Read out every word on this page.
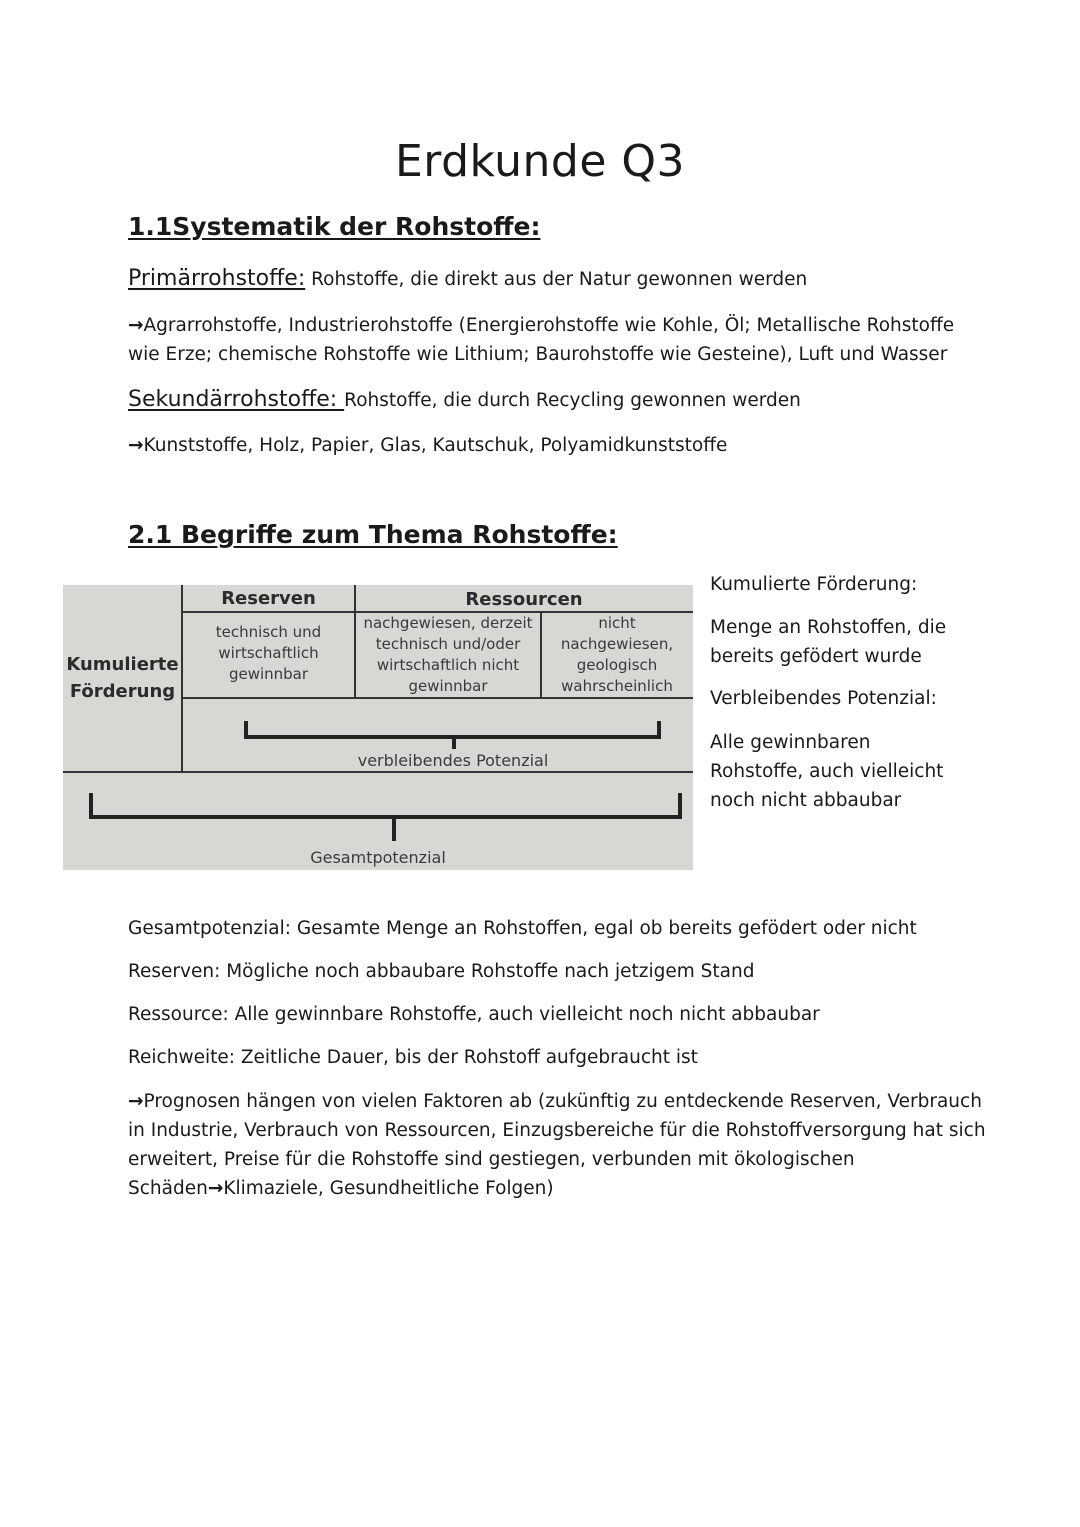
Erdkunde Q3
1.1Systematik der Rohstoffe:
Primärrohstoffe: Rohstoffe, die direkt aus der Natur gewonnen werden
→Agrarrohstoffe, Industrierohstoffe (Energierohstoffe wie Kohle, Öl; Metallische Rohstoffe
wie Erze; chemische Rohstoffe wie Lithium; Baurohstoffe wie Gesteine), Luft und Wasser
Sekundärrohstoffe: Rohstoffe, die durch Recycling gewonnen werden
→Kunststoffe, Holz, Papier, Glas, Kautschuk, Polyamidkunststoffe
2.1 Begriffe zum Thema Rohstoffe:
Kumulierte
Förderung
Reserven	Ressourcen
technisch und
wirtschaftlich
gewinnbar
nachgewiesen, derzeit
technisch und/oder
wirtschaftlich nicht
gewinnbar
nicht
nachgewiesen,
geologisch
wahrscheinlich
verbleibendes Potenzial
Gesamtpotenzial
Kumulierte Förderung:
Menge an Rohstoffen, die
bereits gefödert wurde
Verbleibendes Potenzial:
Alle gewinnbaren
Rohstoffe, auch vielleicht
noch nicht abbaubar
Gesamtpotenzial: Gesamte Menge an Rohstoffen, egal ob bereits gefödert oder nicht
Reserven: Mögliche noch abbaubare Rohstoffe nach jetzigem Stand
Ressource: Alle gewinnbare Rohstoffe, auch vielleicht noch nicht abbaubar
Reichweite: Zeitliche Dauer, bis der Rohstoff aufgebraucht ist
→Prognosen hängen von vielen Faktoren ab (zukünftig zu entdeckende Reserven, Verbrauch
in Industrie, Verbrauch von Ressourcen, Einzugsbereiche für die Rohstoffversorgung hat sich
erweitert, Preise für die Rohstoffe sind gestiegen, verbunden mit ökologischen
Schäden→Klimaziele, Gesundheitliche Folgen)
